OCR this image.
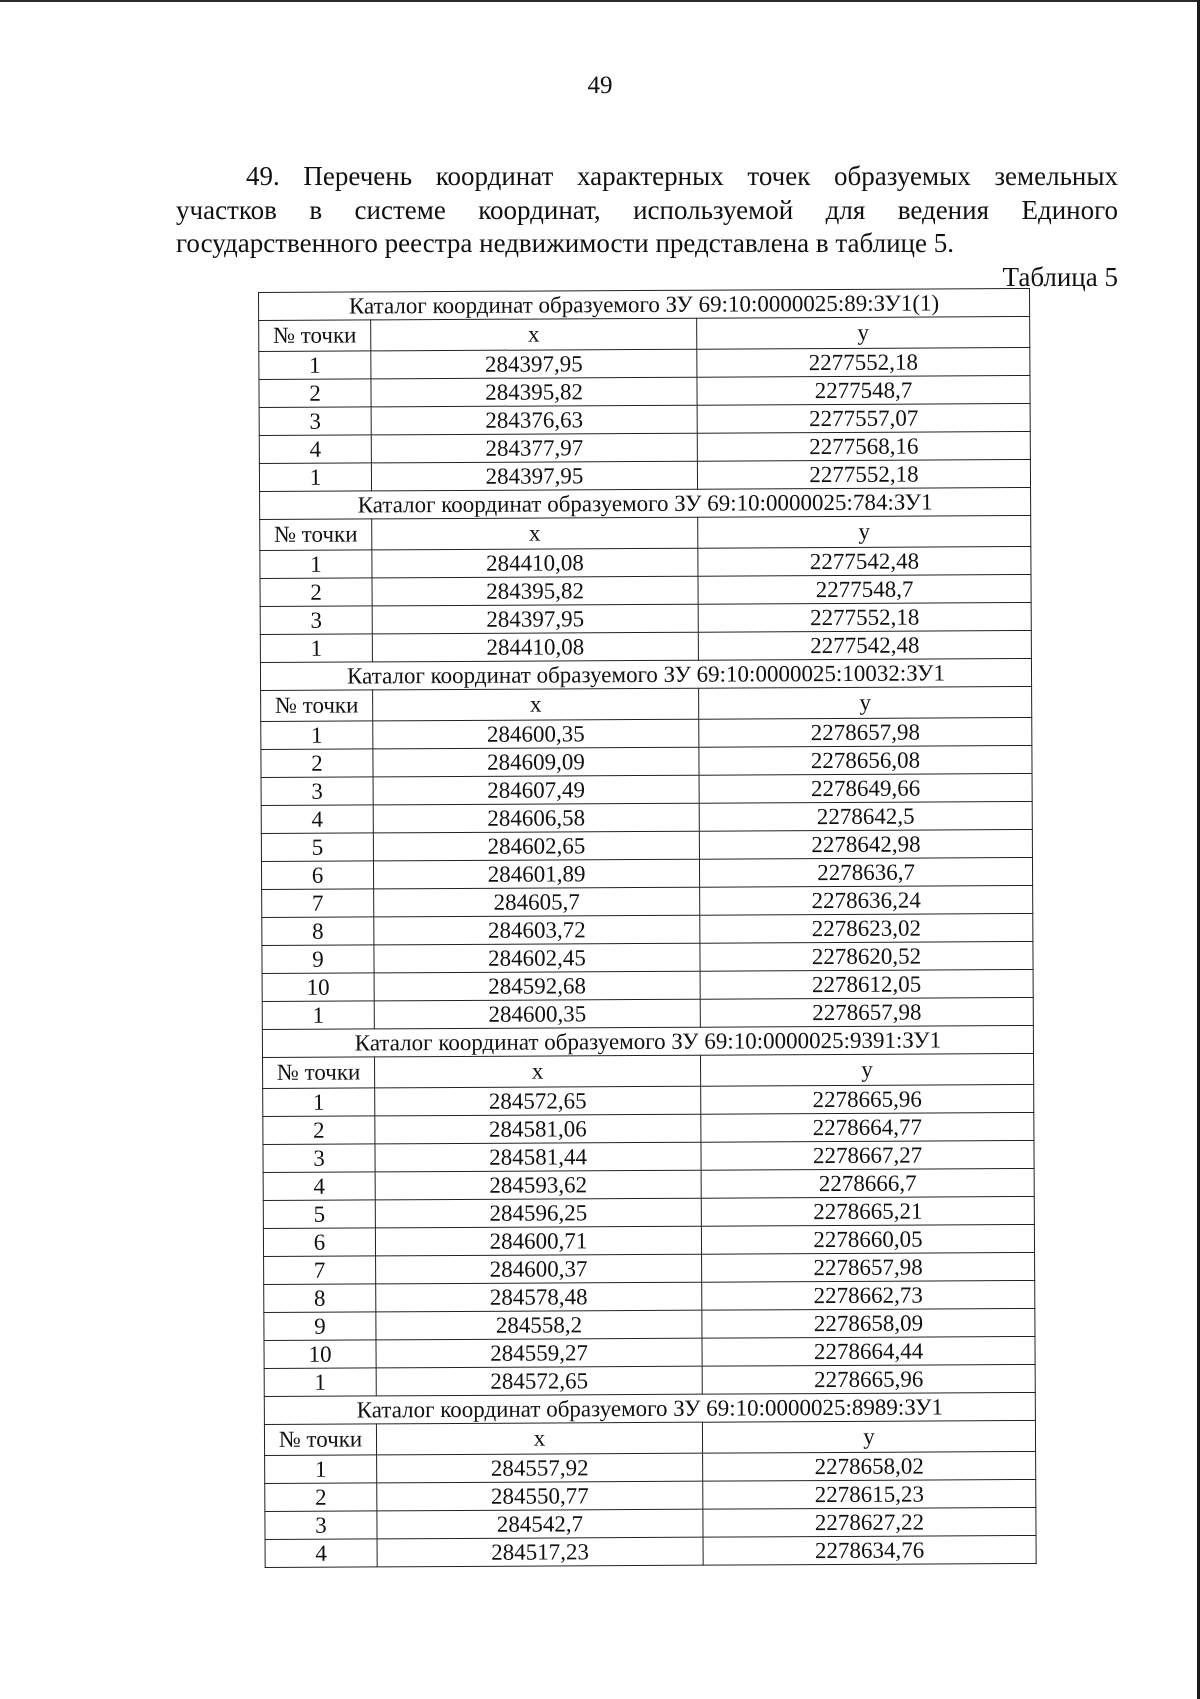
49

49. Перечень координат характерных точек образуемых земельных участков в системе координат, используемой для ведения Единого государственного реестра недвижимости представлена в таблице 5.

Таблица 5
Каталог координат образуемого ЗУ 69:10:0000025:89:ЗУ1(1)		
№ точки	x	y
1	284397,95	2277552,18
2	284395,82	2277548,7
3	284376,63	2277557,07
4	284377,97	2277568,16
1	284397,95	2277552,18
Каталог координат образуемого ЗУ 69:10:0000025:784:ЗУ1		
№ точки	x	y
1	284410,08	2277542,48
2	284395,82	2277548,7
3	284397,95	2277552,18
1	284410,08	2277542,48
Каталог координат образуемого ЗУ 69:10:0000025:10032:ЗУ1		
№ точки	x	y
1	284600,35	2278657,98
2	284609,09	2278656,08
3	284607,49	2278649,66
4	284606,58	2278642,5
5	284602,65	2278642,98
6	284601,89	2278636,7
7	284605,7	2278636,24
8	284603,72	2278623,02
9	284602,45	2278620,52
10	284592,68	2278612,05
1	284600,35	2278657,98
Каталог координат образуемого ЗУ 69:10:0000025:9391:ЗУ1		
№ точки	x	y
1	284572,65	2278665,96
2	284581,06	2278664,77
3	284581,44	2278667,27
4	284593,62	2278666,7
5	284596,25	2278665,21
6	284600,71	2278660,05
7	284600,37	2278657,98
8	284578,48	2278662,73
9	284558,2	2278658,09
10	284559,27	2278664,44
1	284572,65	2278665,96
Каталог координат образуемого ЗУ 69:10:0000025:8989:ЗУ1		
№ точки	x	y
1	284557,92	2278658,02
2	284550,77	2278615,23
3	284542,7	2278627,22
4	284517,23	2278634,76
